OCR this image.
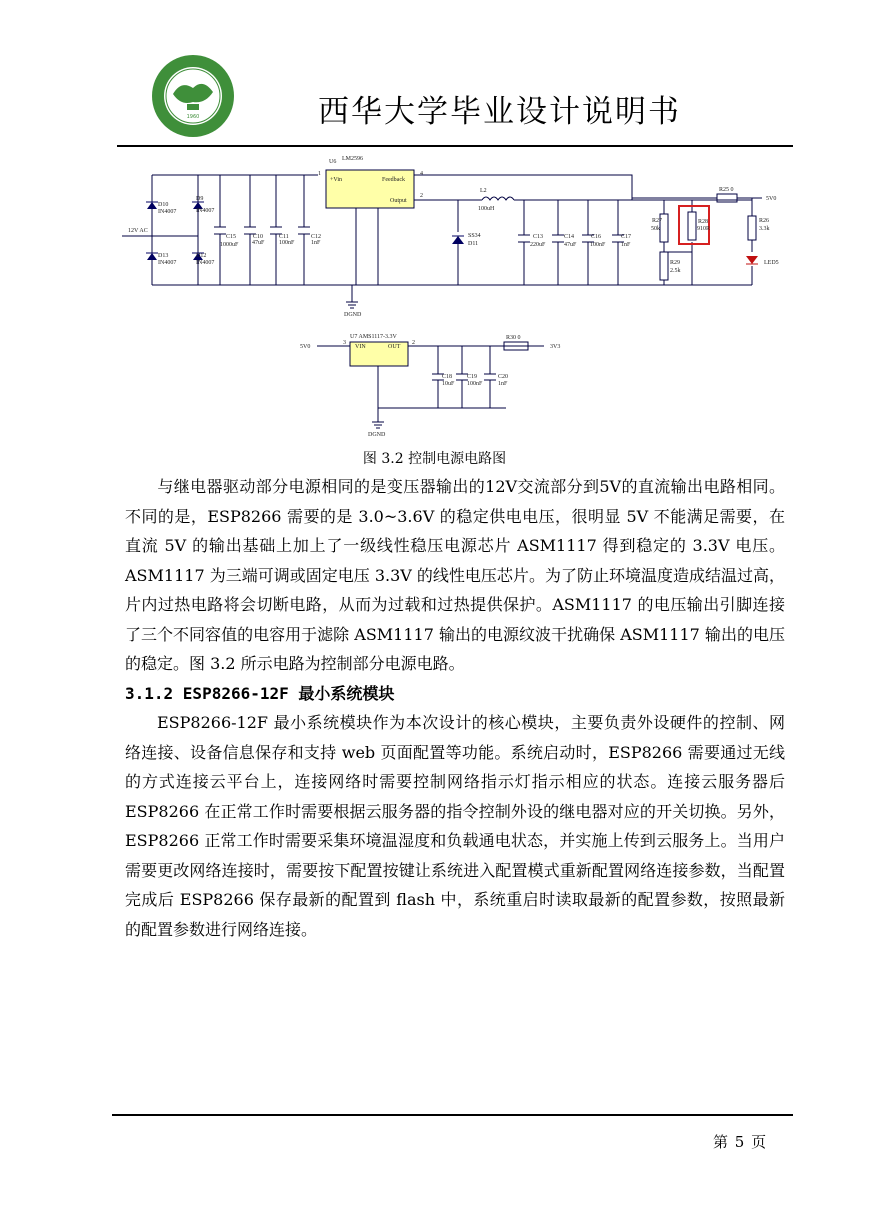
1960	西华大学毕业设计说明书
12V AC
D10
IN4007
D9
IN4007
D13
IN4007
D12
IN4007
C15
1000uF
C10
47uF
C11
100nF
C12
1nF
U6 LM2596
+Vin	Feedback
Output
1	4
2
DGND
L2
100uH
SS34
D11
C13
220uF
C14
47uF
C16
100nF
C17
1nF
R27
50k
R29
2.5k
R28
910R
R25 0
5V0
R26
3.3k
LED5
U7 AMS1117-3.3V
VIN	OUT
3	2
5V0
C18
10uF
C19
100nF
C20
1nF
R30 0
3V3
DGND
图 3.2 控制电源电路图
与继电器驱动部分电源相同的是变压器输出的12V交流部分到5V的直流输出电路相同。不同的是，ESP8266 需要的是 3.0~3.6V 的稳定供电电压，很明显 5V 不能满足需要，在直流 5V 的输出基础上加上了一级线性稳压电源芯片 ASM1117 得到稳定的 3.3V 电压。ASM1117 为三端可调或固定电压 3.3V 的线性电压芯片。为了防止环境温度造成结温过高，片内过热电路将会切断电路，从而为过载和过热提供保护。ASM1117 的电压输出引脚连接了三个不同容值的电容用于滤除 ASM1117 输出的电源纹波干扰确保 ASM1117 输出的电压的稳定。图 3.2 所示电路为控制部分电源电路。
3.1.2 ESP8266-12F 最小系统模块
ESP8266-12F 最小系统模块作为本次设计的核心模块，主要负责外设硬件的控制、网络连接、设备信息保存和支持 web 页面配置等功能。系统启动时，ESP8266 需要通过无线的方式连接云平台上，连接网络时需要控制网络指示灯指示相应的状态。连接云服务器后 ESP8266 在正常工作时需要根据云服务器的指令控制外设的继电器对应的开关切换。另外，ESP8266 正常工作时需要采集环境温湿度和负载通电状态，并实施上传到云服务上。当用户需要更改网络连接时，需要按下配置按键让系统进入配置模式重新配置网络连接参数，当配置完成后 ESP8266 保存最新的配置到 flash 中，系统重启时读取最新的配置参数，按照最新的配置参数进行网络连接。
第 5 页
